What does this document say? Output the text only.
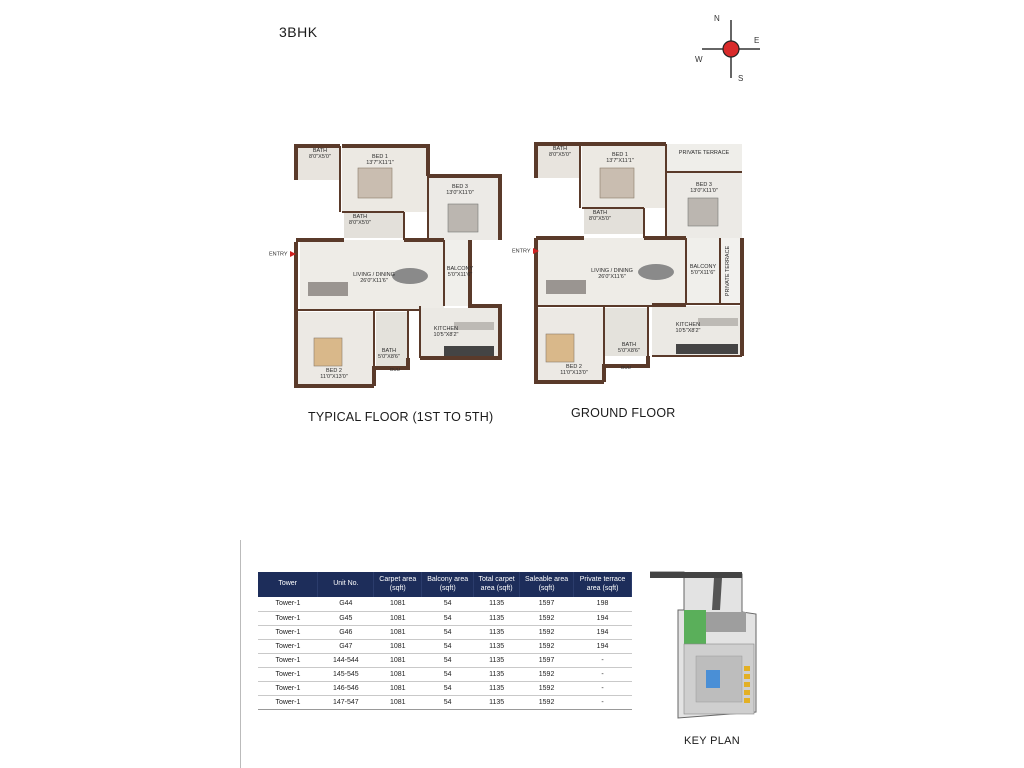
3BHK
N
E
S
W
BATH
8'0"X5'0"	BED 1
13'7"X11'1"
BED 3
13'0"X11'0"
BATH
8'0"X5'0"
LIVING / DINING
26'0"X11'6"
BALCONY
5'0"X11'6"
KITCHEN
10'5"X8'2"
BED 2
11'0"X13'0"
BATH
5'0"X8'6"
DUU
ENTRY
TYPICAL FLOOR (1ST TO 5TH)
BATH
8'0"X5'0"	BED 1
13'7"X11'1"
PRIVATE TERRACE
BED 3
13'0"X11'0"
BATH
8'0"X5'0"
LIVING / DINING
26'0"X11'6"
BALCONY
5'0"X11'6" PRIVATE TERRACE
KITCHEN
10'5"X8'2"
BED 2
11'0"X13'0"
BATH
5'0"X8'6"
DUU
ENTRY
GROUND FLOOR
Tower	Unit No.	Carpet area (sqft)	Balcony area (sqft)	Total carpet area (sqft)	Saleable area (sqft)	Private terrace area (sqft)
Tower-1	G44	1081	54	1135	1597	198
Tower-1	G45	1081	54	1135	1592	194
Tower-1	G46	1081	54	1135	1592	194
Tower-1	G47	1081	54	1135	1592	194
Tower-1	144-544	1081	54	1135	1597	-
Tower-1	145-545	1081	54	1135	1592	-
Tower-1	146-546	1081	54	1135	1592	-
Tower-1	147-547	1081	54	1135	1592	-
KEY PLAN
